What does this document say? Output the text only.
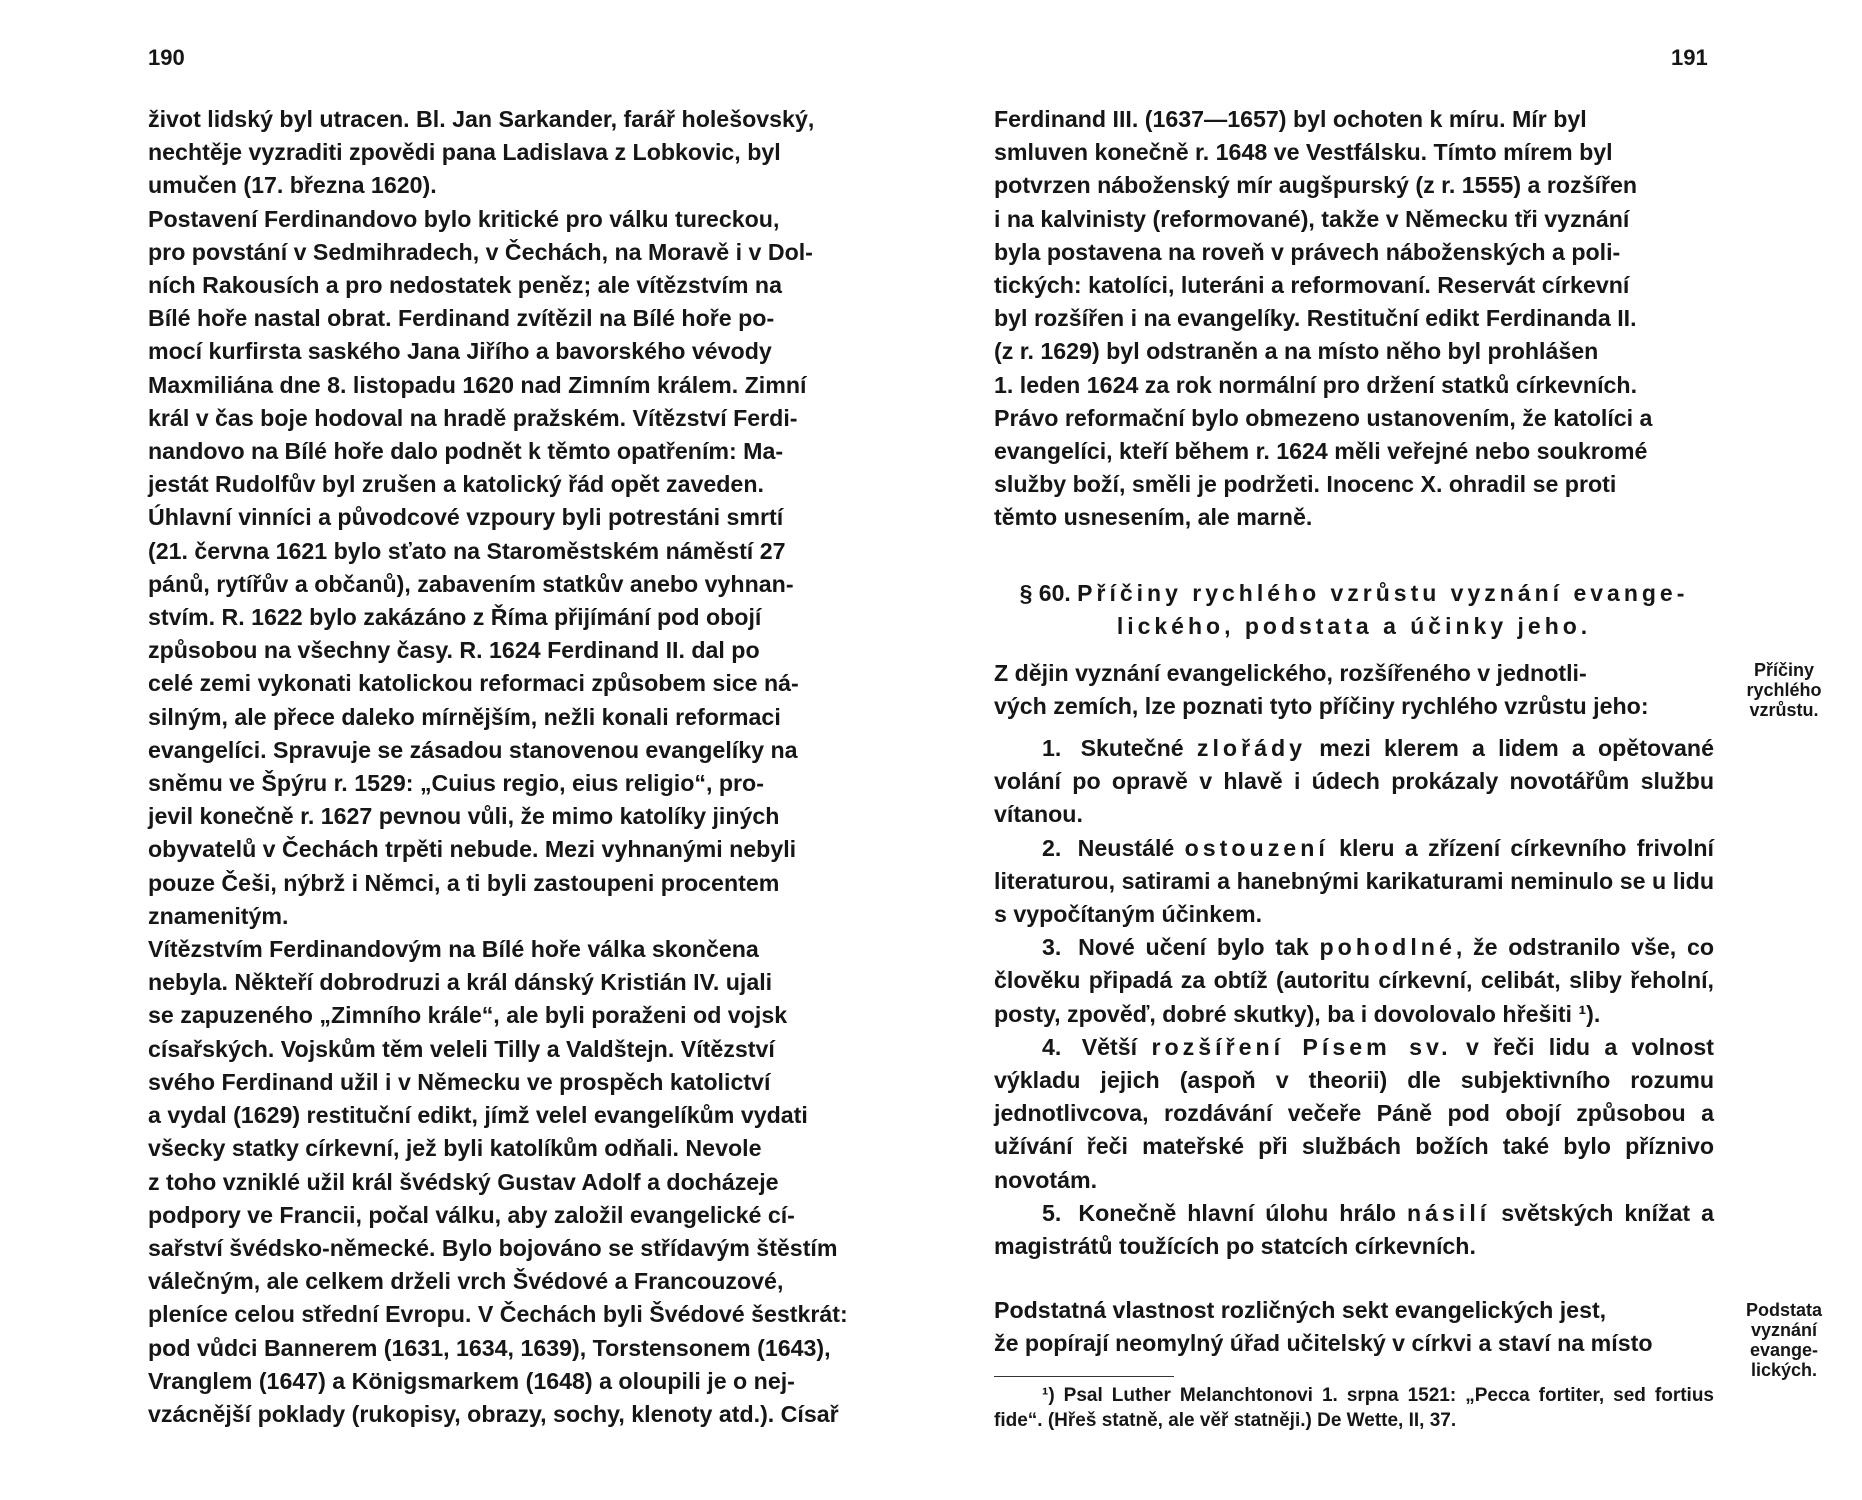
190
život lidský byl utracen. Bl. Jan Sarkander, farář holešovský,
nechtěje vyzraditi zpovědi pana Ladislava z Lobkovic, byl
umučen (17. března 1620).
Postavení Ferdinandovo bylo kritické pro válku tureckou,
pro povstání v Sedmihradech, v Čechách, na Moravě i v Dol-
ních Rakousích a pro nedostatek peněz; ale vítězstvím na
Bílé hoře nastal obrat. Ferdinand zvítězil na Bílé hoře po-
mocí kurfirsta saského Jana Jiřího a bavorského vévody
Maxmiliána dne 8. listopadu 1620 nad Zimním králem. Zimní
král v čas boje hodoval na hradě pražském. Vítězství Ferdi-
nandovo na Bílé hoře dalo podnět k těmto opatřením: Ma-
jestát Rudolfův byl zrušen a katolický řád opět zaveden.
Úhlavní vinníci a původcové vzpoury byli potrestáni smrtí
(21. června 1621 bylo sťato na Staroměstském náměstí 27
pánů, rytířův a občanů), zabavením statkův anebo vyhnan-
stvím. R. 1622 bylo zakázáno z Říma přijímání pod obojí
způsobou na všechny časy. R. 1624 Ferdinand II. dal po
celé zemi vykonati katolickou reformaci způsobem sice ná-
silným, ale přece daleko mírnějším, nežli konali reformaci
evangelíci. Spravuje se zásadou stanovenou evangelíky na
sněmu ve Špýru r. 1529: „Cuius regio, eius religio“, pro-
jevil konečně r. 1627 pevnou vůli, že mimo katolíky jiných
obyvatelů v Čechách trpěti nebude. Mezi vyhnanými nebyli
pouze Češi, nýbrž i Němci, a ti byli zastoupeni procentem
znamenitým.
Vítězstvím Ferdinandovým na Bílé hoře válka skončena
nebyla. Někteří dobrodruzi a král dánský Kristián IV. ujali
se zapuzeného „Zimního krále“, ale byli poraženi od vojsk
císařských. Vojskům těm veleli Tilly a Valdštejn. Vítězství
svého Ferdinand užil i v Německu ve prospěch katolictví
a vydal (1629) restituční edikt, jímž velel evangelíkům vydati
všecky statky církevní, jež byli katolíkům odňali. Nevole
z toho vzniklé užil král švédský Gustav Adolf a docházeje
podpory ve Francii, počal válku, aby založil evangelické cí-
sařství švédsko-německé. Bylo bojováno se střídavým štěstím
válečným, ale celkem drželi vrch Švédové a Francouzové,
pleníce celou střední Evropu. V Čechách byli Švédové šestkrát:
pod vůdci Bannerem (1631, 1634, 1639), Torstensonem (1643),
Vranglem (1647) a Königsmarkem (1648) a oloupili je o nej-
vzácnější poklady (rukopisy, obrazy, sochy, klenoty atd.). Císař
191
Ferdinand III. (1637—1657) byl ochoten k míru. Mír byl
smluven konečně r. 1648 ve Vestfálsku. Tímto mírem byl
potvrzen náboženský mír augšpurský (z r. 1555) a rozšířen
i na kalvinisty (reformované), takže v Německu tři vyznání
byla postavena na roveň v právech náboženských a poli-
tických: katolíci, luteráni a reformovaní. Reservát církevní
byl rozšířen i na evangelíky. Restituční edikt Ferdinanda II.
(z r. 1629) byl odstraněn a na místo něho byl prohlášen
1. leden 1624 za rok normální pro držení statků církevních.
Právo reformační bylo obmezeno ustanovením, že katolíci a
evangelíci, kteří během r. 1624 měli veřejné nebo soukromé
služby boží, směli je podržeti. Inocenc X. ohradil se proti
těmto usnesením, ale marně.
§ 60. Příčiny rychlého vzrůstu vyznání evange-
lického, podstata a účinky jeho.
Z dějin vyznání evangelického, rozšířeného v jednotli-
vých zemích, lze poznati tyto příčiny rychlého vzrůstu jeho:
1. Skutečné zlořády mezi klerem a lidem a opětované volání po opravě v hlavě i údech prokázaly novotářům službu vítanou.
2. Neustálé ostouzení kleru a zřízení církevního frivolní literaturou, satirami a hanebnými karikaturami neminulo se u lidu s vypočítaným účinkem.
3. Nové učení bylo tak pohodlné, že odstranilo vše, co člověku připadá za obtíž (autoritu církevní, celibát, sliby řeholní, posty, zpověď, dobré skutky), ba i dovolovalo hřešiti ¹).
4. Větší rozšíření Písem sv. v řeči lidu a volnost výkladu jejich (aspoň v theorii) dle subjektivního rozumu jednotlivcova, rozdávání večeře Páně pod obojí způsobou a užívání řeči mateřské při službách božích také bylo příznivo novotám.
5. Konečně hlavní úlohu hrálo násilí světských knížat a magistrátů toužících po statcích církevních.
Podstatná vlastnost rozličných sekt evangelických jest,
že popírají neomylný úřad učitelský v církvi a staví na místo
¹) Psal Luther Melanchtonovi 1. srpna 1521: „Pecca fortiter, sed fortius fide“. (Hřeš statně, ale věř statněji.) De Wette, II, 37.
Příčiny
rychlého
vzrůstu.
Podstata
vyznání
evange-
lických.
